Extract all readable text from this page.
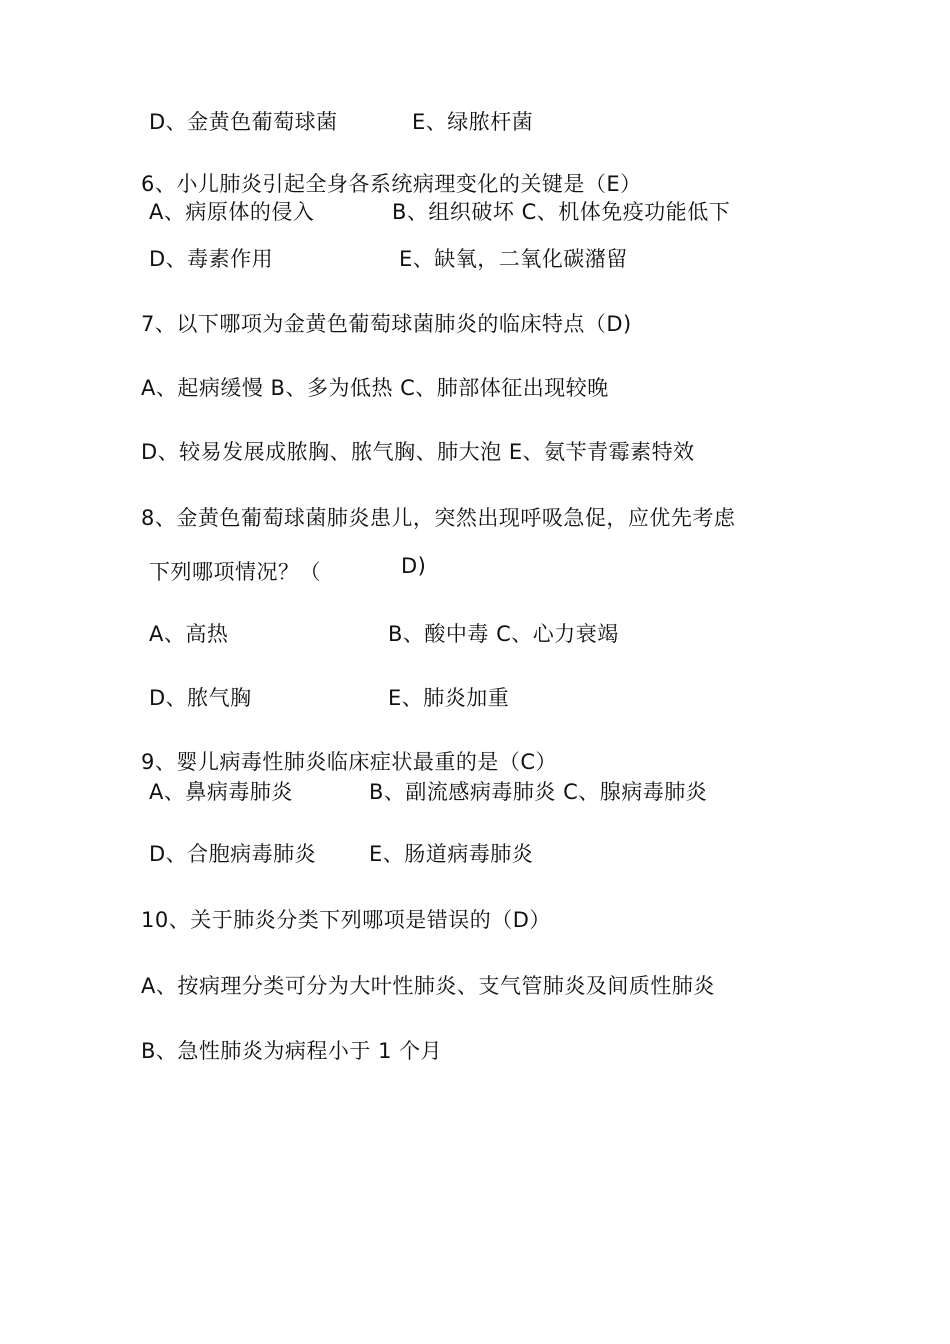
D、金黄色葡萄球菌	E、绿脓杆菌
6、小儿肺炎引起全身各系统病理变化的关键是（E）
A、病原体的侵入	B、组织破坏 C、机体免疫功能低下
D、毒素作用	E、缺氧，二氧化碳潴留
7、以下哪项为金黄色葡萄球菌肺炎的临床特点（D)
A、起病缓慢 B、多为低热 C、肺部体征出现较晚
D、较易发展成脓胸、脓气胸、肺大泡 E、氨苄青霉素特效
8、金黄色葡萄球菌肺炎患儿，突然出现呼吸急促，应优先考虑
下列哪项情况？（	D)
A、高热	B、酸中毒 C、心力衰竭
D、脓气胸	E、肺炎加重
9、婴儿病毒性肺炎临床症状最重的是（C）
A、鼻病毒肺炎	B、副流感病毒肺炎 C、腺病毒肺炎
D、合胞病毒肺炎	E、肠道病毒肺炎
10、关于肺炎分类下列哪项是错误的（D）
A、按病理分类可分为大叶性肺炎、支气管肺炎及间质性肺炎
B、急性肺炎为病程小于 1 个月
